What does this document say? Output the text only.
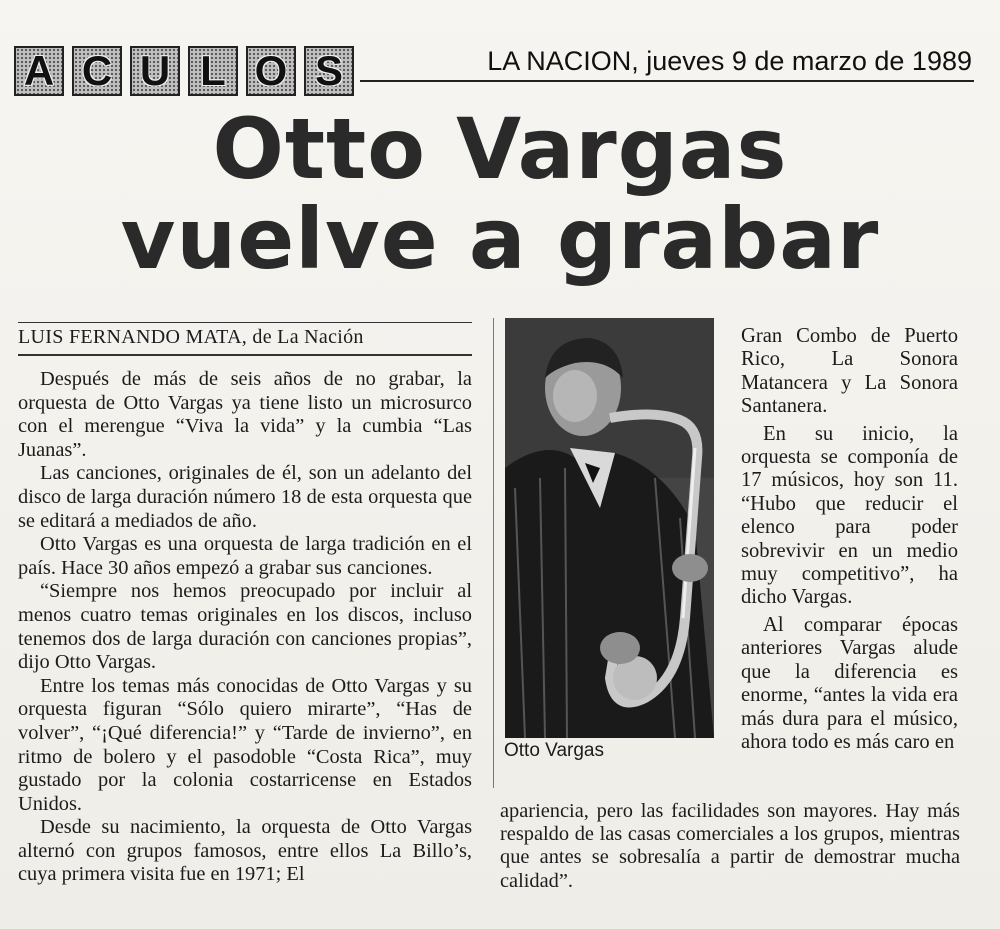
A C U L O S	LA NACION, jueves 9 de marzo de 1989
Otto Vargas
vuelve a grabar
LUIS FERNANDO MATA, de La Nación

Después de más de seis años de no grabar, la orquesta de Otto Vargas ya tiene listo un microsurco con el merengue “Viva la vida” y la cumbia “Las Juanas”.

Las canciones, originales de él, son un adelanto del disco de larga duración número 18 de esta orquesta que se editará a mediados de año.

Otto Vargas es una orquesta de larga tradición en el país. Hace 30 años empezó a grabar sus canciones.

“Siempre nos hemos preocupado por incluir al menos cuatro temas originales en los discos, incluso tenemos dos de larga duración con canciones propias”, dijo Otto Vargas.

Entre los temas más conocidas de Otto Vargas y su orquesta figuran “Sólo quiero mirarte”, “Has de volver”, “¡Qué diferencia!” y “Tarde de invierno”, en ritmo de bolero y el pasodoble “Costa Rica”, muy gustado por la colonia costarricense en Estados Unidos.

Desde su nacimiento, la orquesta de Otto Vargas alternó con grupos famosos, entre ellos La Billo’s, cuya primera visita fue en 1971; El

Otto Vargas

Gran Combo de Puerto Rico, La Sonora Matancera y La Sonora Santanera.

En su inicio, la orquesta se componía de 17 músicos, hoy son 11. “Hubo que reducir el elenco para poder sobrevivir en un medio muy competitivo”, ha dicho Vargas.

Al comparar épocas anteriores Vargas alude que la diferencia es enorme, “antes la vida era más dura para el músico, ahora todo es más caro en

apariencia, pero las facilidades son mayores. Hay más respaldo de las casas comerciales a los grupos, mientras que antes se sobresalía a partir de demostrar mucha calidad”.
